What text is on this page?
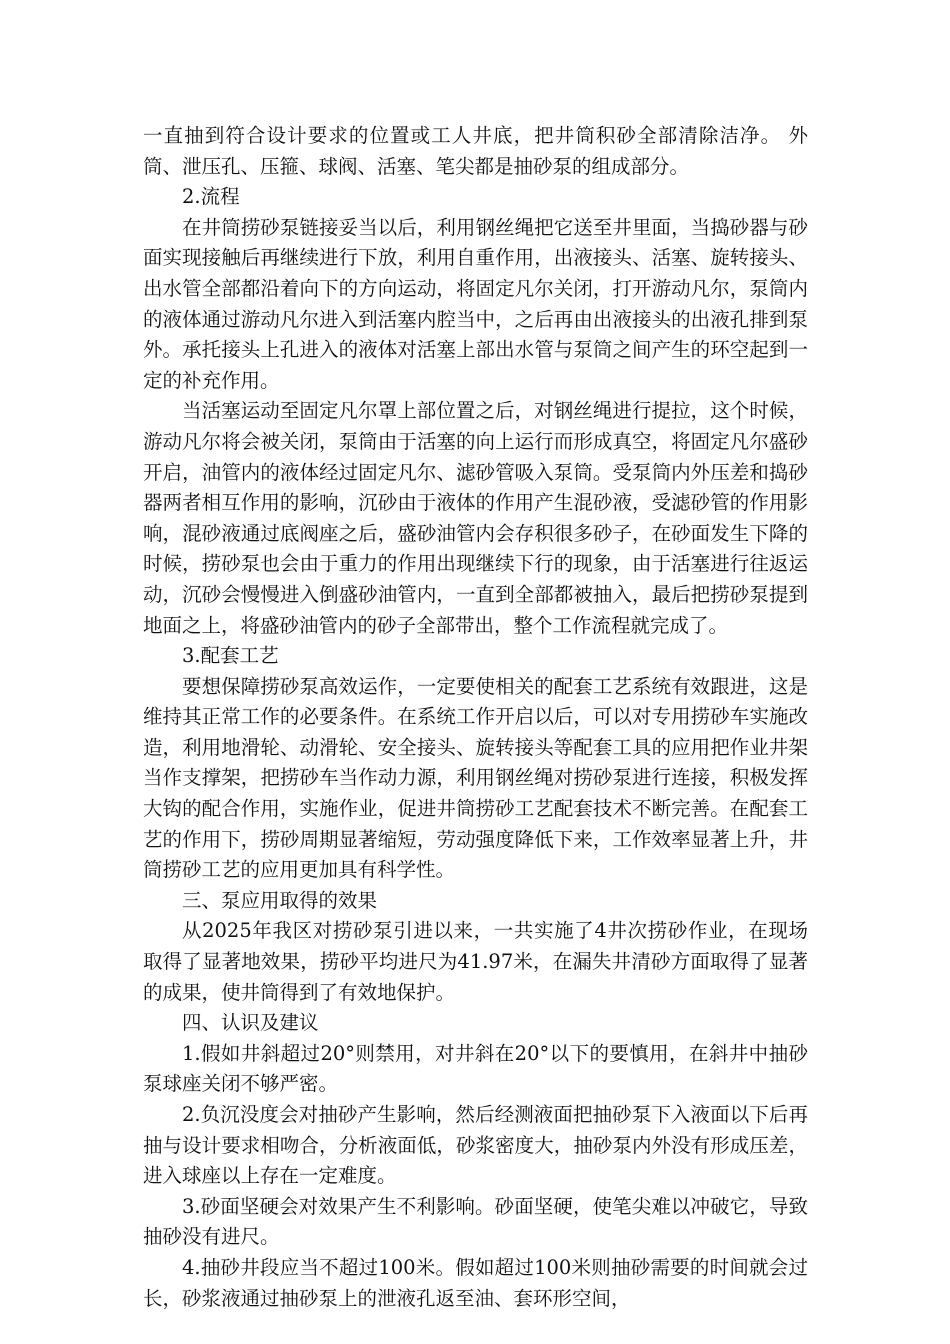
一直抽到符合设计要求的位置或工人井底，把井筒积砂全部清除洁净。 外筒、泄压孔、压箍、球阀、活塞、笔尖都是抽砂泵的组成部分。

2.流程

在井筒捞砂泵链接妥当以后，利用钢丝绳把它送至井里面，当捣砂器与砂面实现接触后再继续进行下放，利用自重作用，出液接头、活塞、旋转接头、出水管全部都沿着向下的方向运动，将固定凡尔关闭，打开游动凡尔，泵筒内的液体通过游动凡尔进入到活塞内腔当中，之后再由出液接头的出液孔排到泵外。承托接头上孔进入的液体对活塞上部出水管与泵筒之间产生的环空起到一定的补充作用。

当活塞运动至固定凡尔罩上部位置之后，对钢丝绳进行提拉，这个时候，游动凡尔将会被关闭，泵筒由于活塞的向上运行而形成真空，将固定凡尔盛砂开启，油管内的液体经过固定凡尔、滤砂管吸入泵筒。受泵筒内外压差和捣砂器两者相互作用的影响，沉砂由于液体的作用产生混砂液，受滤砂管的作用影响，混砂液通过底阀座之后，盛砂油管内会存积很多砂子，在砂面发生下降的时候，捞砂泵也会由于重力的作用出现继续下行的现象，由于活塞进行往返运动，沉砂会慢慢进入倒盛砂油管内，一直到全部都被抽入，最后把捞砂泵提到地面之上，将盛砂油管内的砂子全部带出，整个工作流程就完成了。

3.配套工艺

要想保障捞砂泵高效运作，一定要使相关的配套工艺系统有效跟进，这是维持其正常工作的必要条件。在系统工作开启以后，可以对专用捞砂车实施改造，利用地滑轮、动滑轮、安全接头、旋转接头等配套工具的应用把作业井架当作支撑架，把捞砂车当作动力源，利用钢丝绳对捞砂泵进行连接，积极发挥大钩的配合作用，实施作业，促进井筒捞砂工艺配套技术不断完善。在配套工艺的作用下，捞砂周期显著缩短，劳动强度降低下来，工作效率显著上升，井筒捞砂工艺的应用更加具有科学性。

三、泵应用取得的效果

从2025年我区对捞砂泵引进以来，一共实施了4井次捞砂作业，在现场取得了显著地效果，捞砂平均进尺为41.97米，在漏失井清砂方面取得了显著的成果，使井筒得到了有效地保护。

四、认识及建议

1.假如井斜超过20°则禁用，对井斜在20°以下的要慎用，在斜井中抽砂泵球座关闭不够严密。

2.负沉没度会对抽砂产生影响，然后经测液面把抽砂泵下入液面以下后再抽与设计要求相吻合，分析液面低，砂浆密度大，抽砂泵内外没有形成压差，进入球座以上存在一定难度。

3.砂面坚硬会对效果产生不利影响。砂面坚硬，使笔尖难以冲破它，导致抽砂没有进尺。

4.抽砂井段应当不超过100米。假如超过100米则抽砂需要的时间就会过长，砂浆液通过抽砂泵上的泄液孔返至油、套环形空间，
